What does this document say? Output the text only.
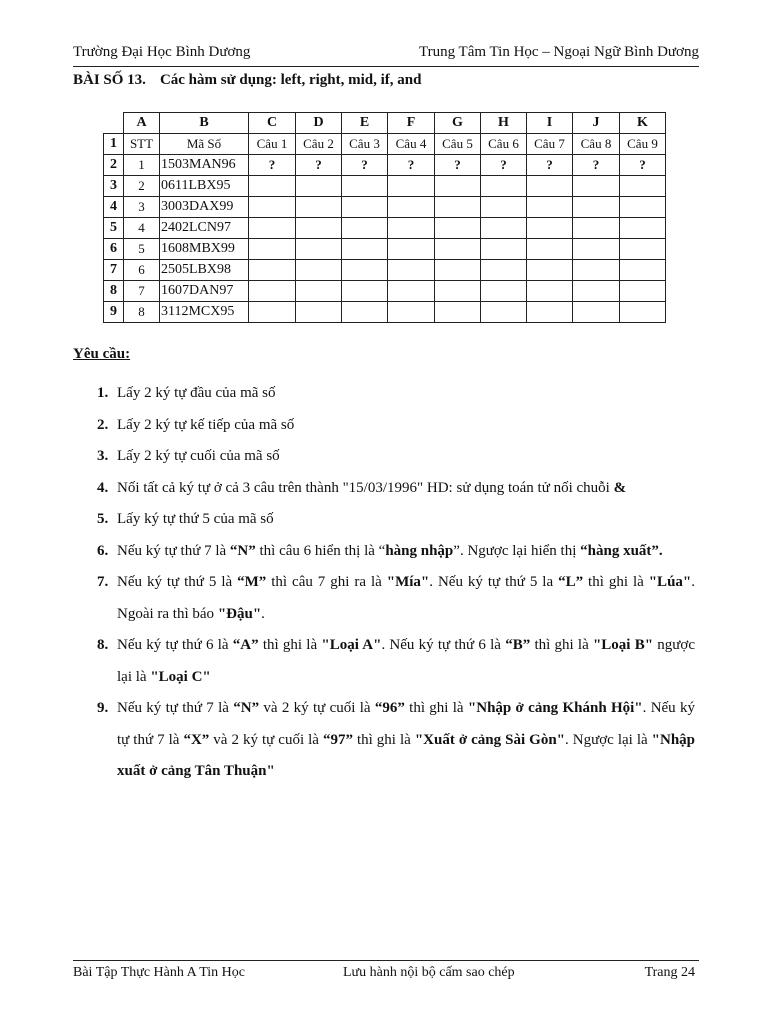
Trường Đại Học Bình Dương	Trung Tâm Tin Học – Ngoại Ngữ Bình Dương
BÀI SỐ 13. Các hàm sử dụng: left, right, mid, if, and
	A	B	C	D	E	F	G	H	I	J	K
1	STT	Mã Số	Câu 1	Câu 2	Câu 3	Câu 4	Câu 5	Câu 6	Câu 7	Câu 8	Câu 9
2	1	1503MAN96	?	?	?	?	?	?	?	?	?
3	2	0611LBX95									
4	3	3003DAX99									
5	4	2402LCN97									
6	5	1608MBX99									
7	6	2505LBX98									
8	7	1607DAN97									
9	8	3112MCX95									
Yêu cầu:
1. Lấy 2 ký tự đầu của mã số
2. Lấy 2 ký tự kế tiếp của mã số
3. Lấy 2 ký tự cuối của mã số
4. Nối tất cả ký tự ở cả 3 câu trên thành "15/03/1996" HD: sử dụng toán tử nối chuỗi &
5. Lấy ký tự thứ 5 của mã số
6. Nếu ký tự thứ 7 là “N” thì câu 6 hiển thị là “hàng nhập”. Ngược lại hiển thị “hàng xuất”.
7. Nếu ký tự thứ 5 là “M” thì câu 7 ghi ra là "Mía". Nếu ký tự thứ 5 la “L” thì ghi là "Lúa". Ngoài ra thì báo "Đậu".
8. Nếu ký tự thứ 6 là “A” thì ghi là "Loại A". Nếu ký tự thứ 6 là “B” thì ghi là "Loại B" ngược lại là "Loại C"
9. Nếu ký tự thứ 7 là “N” và 2 ký tự cuối là “96” thì ghi là "Nhập ở cảng Khánh Hội". Nếu ký tự thứ 7 là “X” và 2 ký tự cuối là “97” thì ghi là "Xuất ở cảng Sài Gòn". Ngược lại là "Nhập xuất ở cảng Tân Thuận"
Bài Tập Thực Hành A Tin Học	Lưu hành nội bộ cấm sao chép	Trang 24
